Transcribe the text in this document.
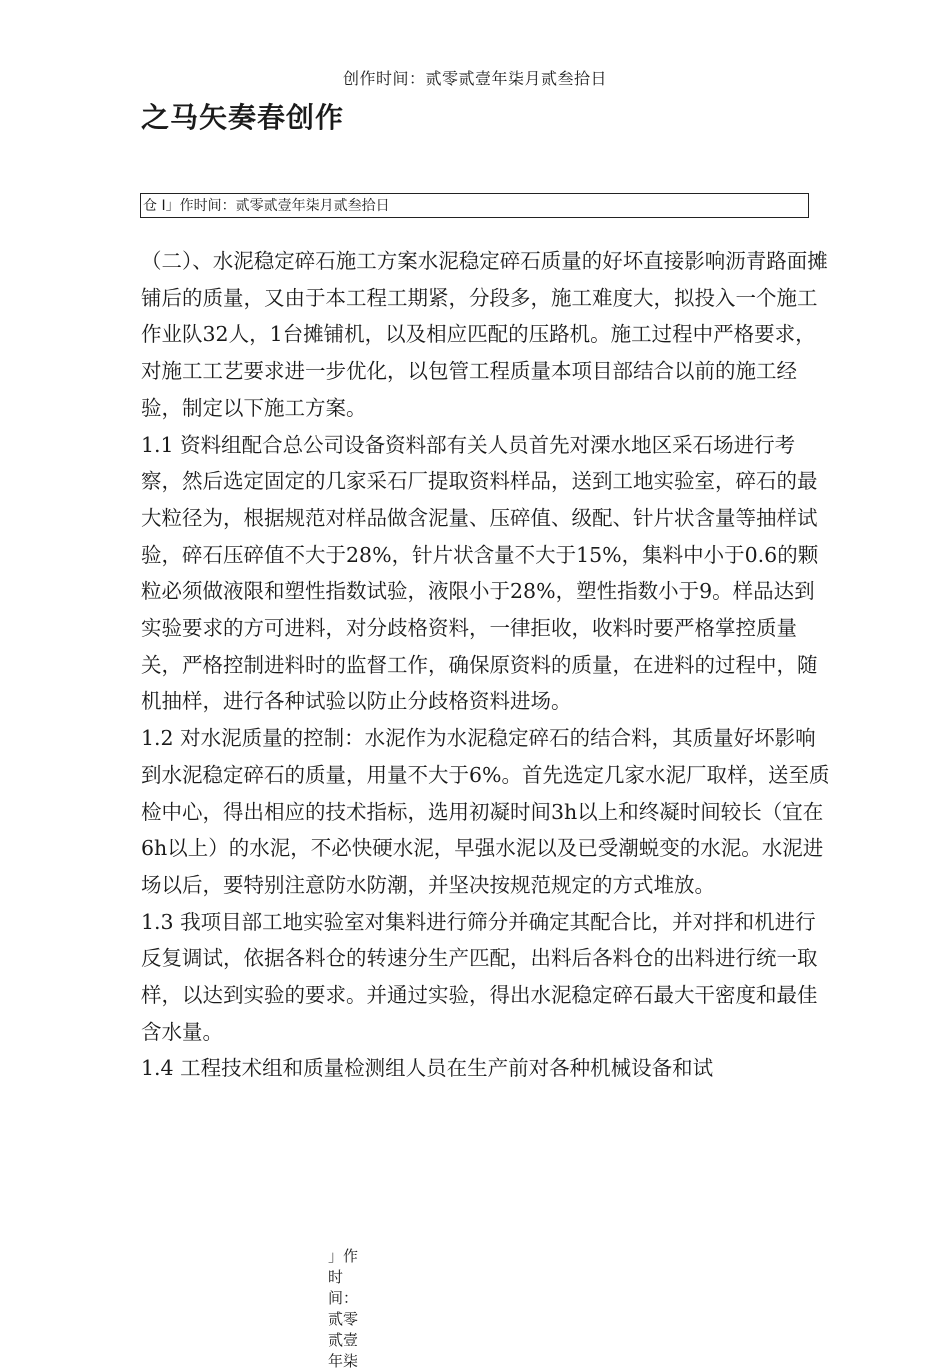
创作时间：贰零贰壹年柒月贰叁拾日
之马矢奏春创作
仓 I」作时间：贰零贰壹年柒月贰叁拾日

（二）、水泥稳定碎石施工方案水泥稳定碎石质量的好坏直接影响沥青路面摊铺后的质量，又由于本工程工期紧，分段多，施工难度大，拟投入一个施工作业队32人，1台摊铺机，以及相应匹配的压路机。施工过程中严格要求，对施工工艺要求进一步优化，以包管工程质量本项目部结合以前的施工经验，制定以下施工方案。

1.1 资料组配合总公司设备资料部有关人员首先对溧水地区采石场进行考察，然后选定固定的几家采石厂提取资料样品，送到工地实验室，碎石的最大粒径为，根据规范对样品做含泥量、压碎值、级配、针片状含量等抽样试验，碎石压碎值不大于28%，针片状含量不大于15%，集料中小于0.6的颗粒必须做液限和塑性指数试验，液限小于28%，塑性指数小于9。样品达到实验要求的方可进料，对分歧格资料，一律拒收，收料时要严格掌控质量关，严格控制进料时的监督工作，确保原资料的质量，在进料的过程中，随机抽样，进行各种试验以防止分歧格资料进场。

1.2 对水泥质量的控制：水泥作为水泥稳定碎石的结合料，其质量好坏影响到水泥稳定碎石的质量，用量不大于6%。首先选定几家水泥厂取样，送至质检中心，得出相应的技术指标，选用初凝时间3h以上和终凝时间较长（宜在6h以上）的水泥，不必快硬水泥，早强水泥以及已受潮蜕变的水泥。水泥进场以后，要特别注意防水防潮，并坚决按规范规定的方式堆放。

1.3 我项目部工地实验室对集料进行筛分并确定其配合比，并对拌和机进行反复调试，依据各料仓的转速分生产匹配，出料后各料仓的出料进行统一取样，以达到实验的要求。并通过实验，得出水泥稳定碎石最大干密度和最佳含水量。

1.4 工程技术组和质量检测组人员在生产前对各种机械设备和试

」作时间：贰零贰壹年柒
